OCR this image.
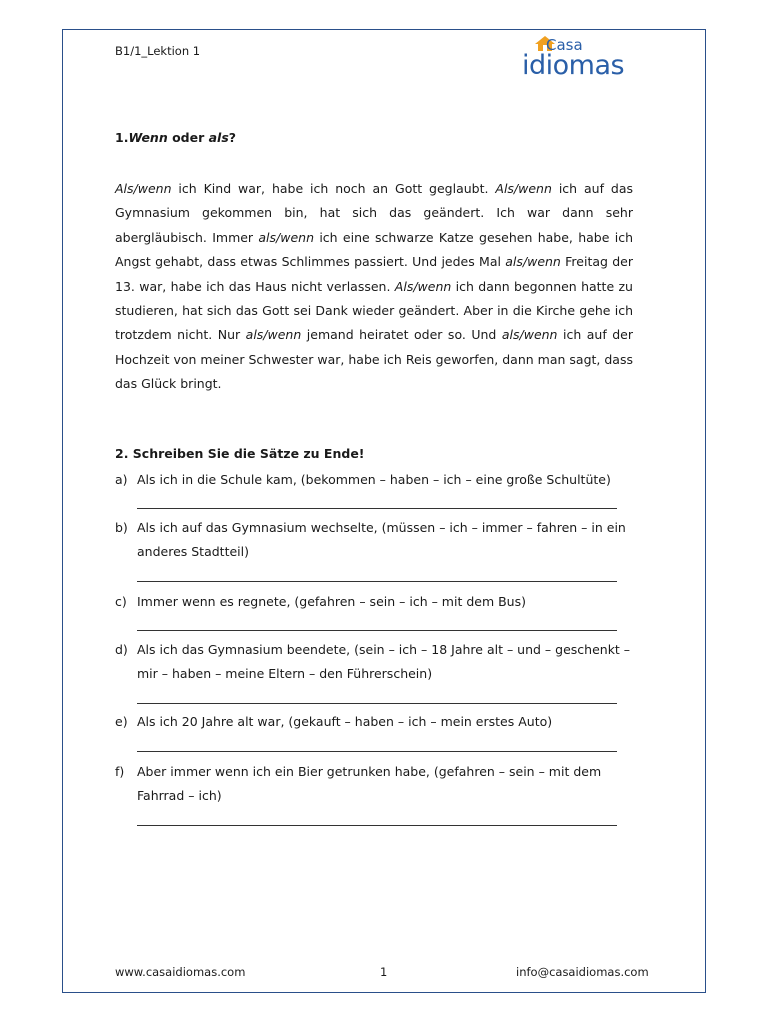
B1/1_Lektion 1	Casa
idiomas
1.Wenn oder als?

Als/wenn ich Kind war, habe ich noch an Gott geglaubt. Als/wenn ich auf das Gymnasium gekommen bin, hat sich das geändert. Ich war dann sehr abergläubisch. Immer als/wenn ich eine schwarze Katze gesehen habe, habe ich Angst gehabt, dass etwas Schlimmes passiert. Und jedes Mal als/wenn Freitag der 13. war, habe ich das Haus nicht verlassen. Als/wenn ich dann begonnen hatte zu studieren, hat sich das Gott sei Dank wieder geändert. Aber in die Kirche gehe ich trotzdem nicht. Nur als/wenn jemand heiratet oder so. Und als/wenn ich auf der Hochzeit von meiner Schwester war, habe ich Reis geworfen, dann man sagt, dass das Glück bringt.

2. Schreiben Sie die Sätze zu Ende!
a) Als ich in die Schule kam, (bekommen – haben – ich – eine große Schultüte)
b) Als ich auf das Gymnasium wechselte, (müssen – ich – immer – fahren – in ein anderes Stadtteil)
c) Immer wenn es regnete, (gefahren – sein – ich – mit dem Bus)
d) Als ich das Gymnasium beendete, (sein – ich – 18 Jahre alt – und – geschenkt – mir – haben – meine Eltern – den Führerschein)
e) Als ich 20 Jahre alt war, (gekauft – haben – ich – mein erstes Auto)
f)	Aber immer wenn ich ein Bier getrunken habe, (gefahren – sein – mit dem Fahrrad – ich)
www.casaidiomas.com	1	info@casaidiomas.com
